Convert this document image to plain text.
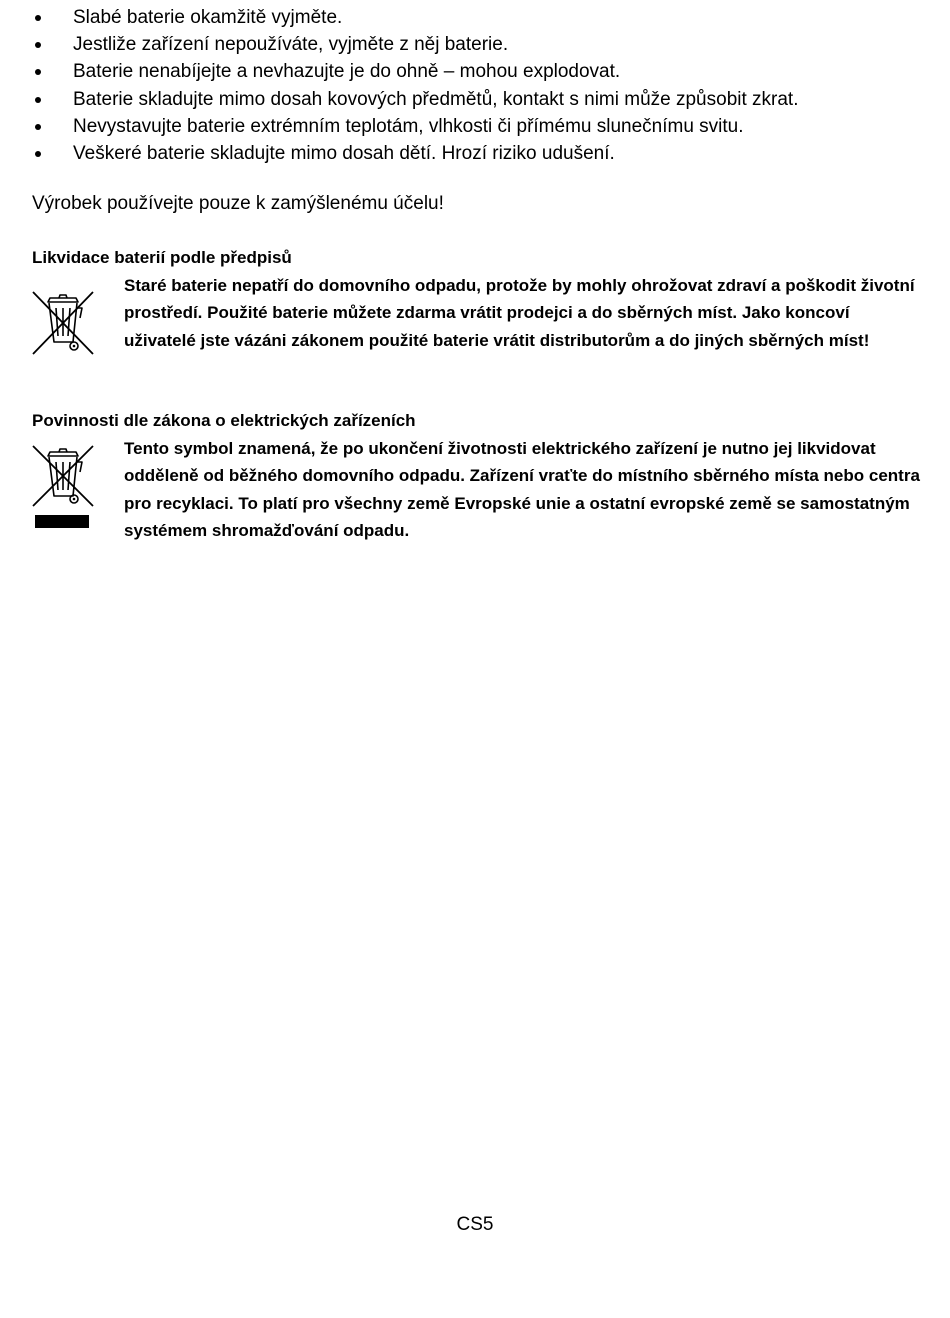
Slabé baterie okamžitě vyjměte.
Jestliže zařízení nepoužíváte, vyjměte z něj baterie.
Baterie nenabíjejte a nevhazujte je do ohně – mohou explodovat.
Baterie skladujte mimo dosah kovových předmětů, kontakt s nimi může způsobit zkrat.
Nevystavujte baterie extrémním teplotám, vlhkosti či přímému slunečnímu svitu.
Veškeré baterie skladujte mimo dosah dětí. Hrozí riziko udušení.

Výrobek používejte pouze k zamýšlenému účelu!

Likvidace baterií podle předpisů

Staré baterie nepatří do domovního odpadu, protože by mohly ohrožovat zdraví a poškodit životní prostředí. Použité baterie můžete zdarma vrátit prodejci a do sběrných míst. Jako koncoví uživatelé jste vázáni zákonem použité baterie vrátit distributorům a do jiných sběrných míst!

Povinnosti dle zákona o elektrických zařízeních

Tento symbol znamená, že po ukončení životnosti elektrického zařízení je nutno jej likvidovat odděleně od běžného domovního odpadu. Zařízení vraťte do místního sběrného místa nebo centra pro recyklaci. To platí pro všechny země Evropské unie a ostatní evropské země se samostatným systémem shromažďování odpadu.

CS5
